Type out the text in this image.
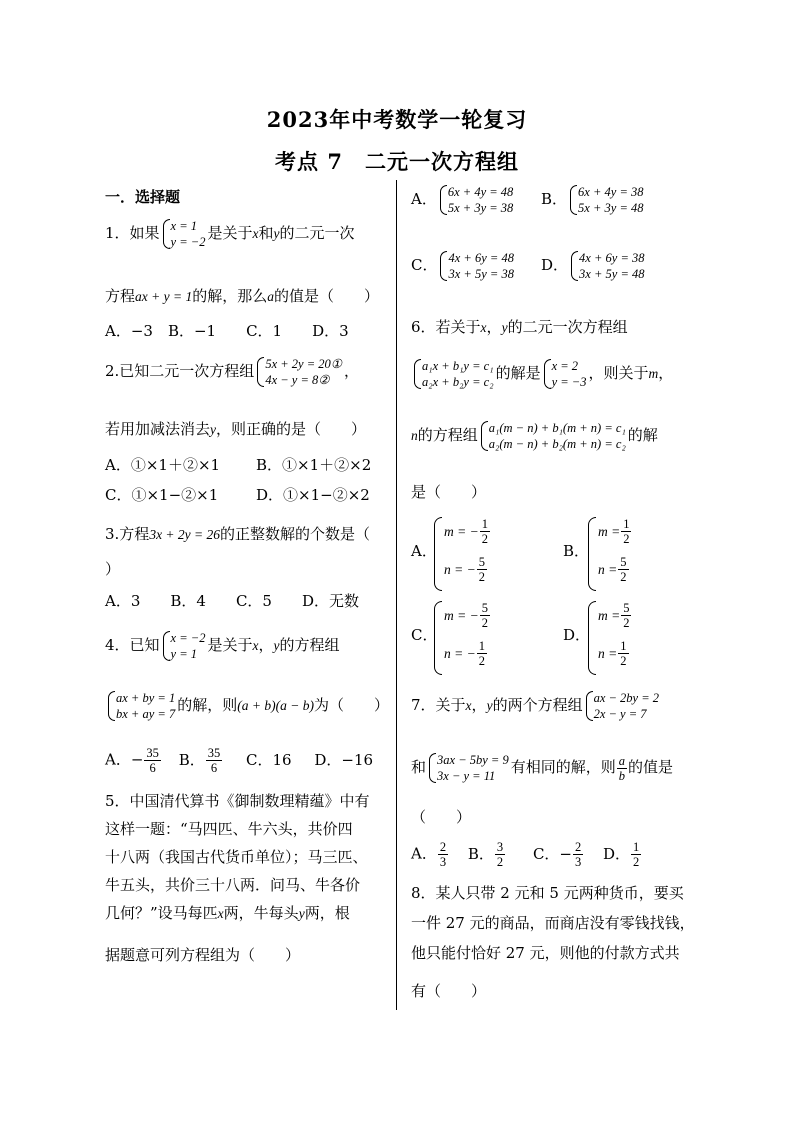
2023年中考数学一轮复习
考点 7　二元一次方程组
一．选择题
1．如果 x = 1
y = −2 是关于x和y的二元一次
方程ax + y = 1的解，那么a的值是（　　）
A．−3　B．−1　　C．1　　D．3
2.已知二元一次方程组 5x + 2y = 20①
4x − y = 8② ，
若用加减法消去y，则正确的是（　　）
A．①×1＋②×1 B．①×1＋②×2
C．①×1−②×1	D．①×1−②×2
3.方程3x + 2y = 26的正整数解的个数是（
）
A．3　　B．4　　C．5　　D．无数
4．已知 x = −2
y = 1 是关于x，y的方程组
ax + by = 1
bx + ay = 7 的解，则(a + b)(a − b)为（　　）
A．− $\frac{35}{6}$ B． $\frac{35}{6}$ C．16 D．−16
5．中国清代算书《御制数理精蕴》中有
这样一题：“马四匹、牛六头，共价四
十八两（我国古代货币单位）；马三匹、
牛五头，共价三十八两．问马、牛各价
几何？”设马每匹x两，牛每头y两，根
据题意可列方程组为（　　）
A． 6x + 4y = 48
5x + 3y = 38 B． 6x + 4y = 38
5x + 3y = 48
C． 4x + 6y = 48
3x + 5y = 38 D． 4x + 6y = 38
3x + 5y = 48
6．若关于x，y的二元一次方程组
a₁x + b₁y = c₁
a₂x + b₂y = c₂ 的解是 x = 2
y = −3 ，则关于m，
n的方程组 a₁(m − n) + b₁(m + n) = c₁
a₂(m − n) + b₂(m + n) = c₂ 的解
是（　　）
A．
m = − $\frac{1}{2}$
n = − $\frac{5}{2}$
B．
$m = \frac{1}{2}$
$n = \frac{5}{2}$
C．
m = − $\frac{5}{2}$
n = − $\frac{1}{2}$
D．
$m = \frac{5}{2}$
$n = \frac{1}{2}$
7．关于x，y的两个方程组 ax − 2by = 2
2x − y = 7
和 3ax − 5by = 9
3x − y = 11	有相同的解，则 $\frac{a}{b}$ 的值是
（　　）
A． $\frac{2}{3}$ B． $\frac{3}{2}$ C．− $\frac{2}{3}$ D． $\frac{1}{2}$
8．某人只带 2 元和 5 元两种货币，要买
一件 27 元的商品，而商店没有零钱找钱，
他只能付恰好 27 元，则他的付款方式共
有（　　）
